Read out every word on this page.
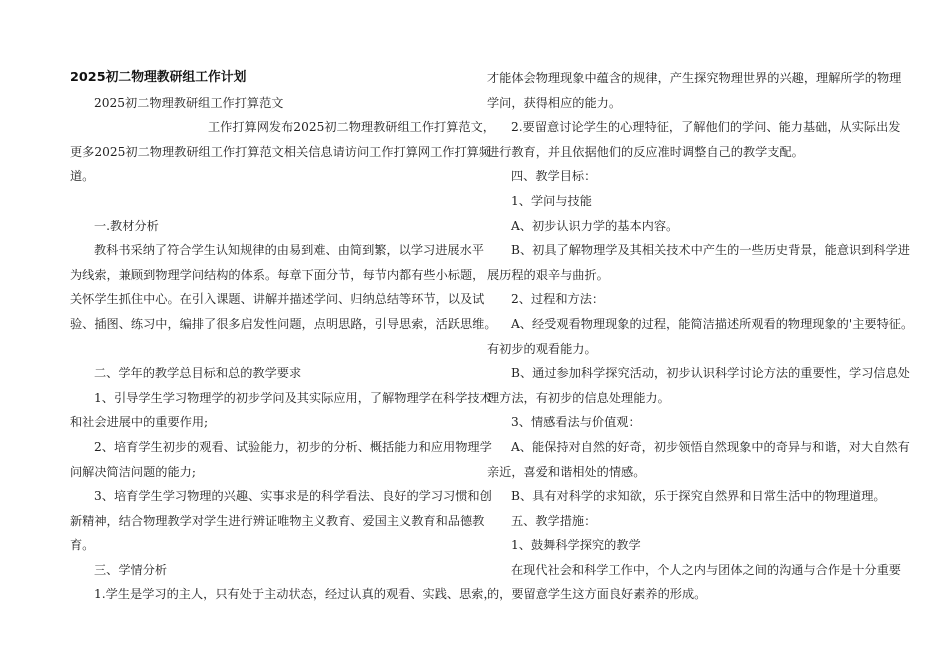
2025初二物理教研组工作计划
2025初二物理教研组工作打算范文
工作打算网发布2025初二物理教研组工作打算范文，
更多2025初二物理教研组工作打算范文相关信息请访问工作打算网工作打算频
道。
一.教材分析
教科书采纳了符合学生认知规律的由易到难、由简到繁，以学习进展水平
为线索，兼顾到物理学问结构的体系。每章下面分节，每节内都有些小标题，
关怀学生抓住中心。在引入课题、讲解并描述学问、归纳总结等环节，以及试
验、插图、练习中，编排了很多启发性问题，点明思路，引导思索，活跃思维。
二、学年的教学总目标和总的教学要求
1、引导学生学习物理学的初步学问及其实际应用，了解物理学在科学技术
和社会进展中的重要作用;
2、培育学生初步的观看、试验能力，初步的分析、概括能力和应用物理学
问解决简洁问题的能力;
3、培育学生学习物理的兴趣、实事求是的科学看法、良好的学习习惯和创
新精神，结合物理教学对学生进行辨证唯物主义教育、爱国主义教育和品德教
育。
三、学情分析
1.学生是学习的主人，只有处于主动状态，经过认真的观看、实践、思索，
才能体会物理现象中蕴含的规律，产生探究物理世界的兴趣，理解所学的物理
学问，获得相应的能力。
2.要留意讨论学生的心理特征，了解他们的学问、能力基础，从实际出发
进行教育，并且依据他们的反应准时调整自己的教学支配。
四、教学目标：
1、学问与技能
A、初步认识力学的基本内容。
B、初具了解物理学及其相关技术中产生的一些历史背景，能意识到科学进
展历程的艰辛与曲折。
2、过程和方法：
A、经受观看物理现象的过程，能简洁描述所观看的物理现象的'主要特征。
有初步的观看能力。
B、通过参加科学探究活动，初步认识科学讨论方法的重要性，学习信息处
理方法，有初步的信息处理能力。
3、情感看法与价值观：
A、能保持对自然的好奇，初步领悟自然现象中的奇异与和谐，对大自然有
亲近，喜爱和谐相处的情感。
B、具有对科学的求知欲，乐于探究自然界和日常生活中的物理道理。
五、教学措施：
1、鼓舞科学探究的教学
在现代社会和科学工作中，个人之内与团体之间的沟通与合作是十分重要
的，要留意学生这方面良好素养的形成。
